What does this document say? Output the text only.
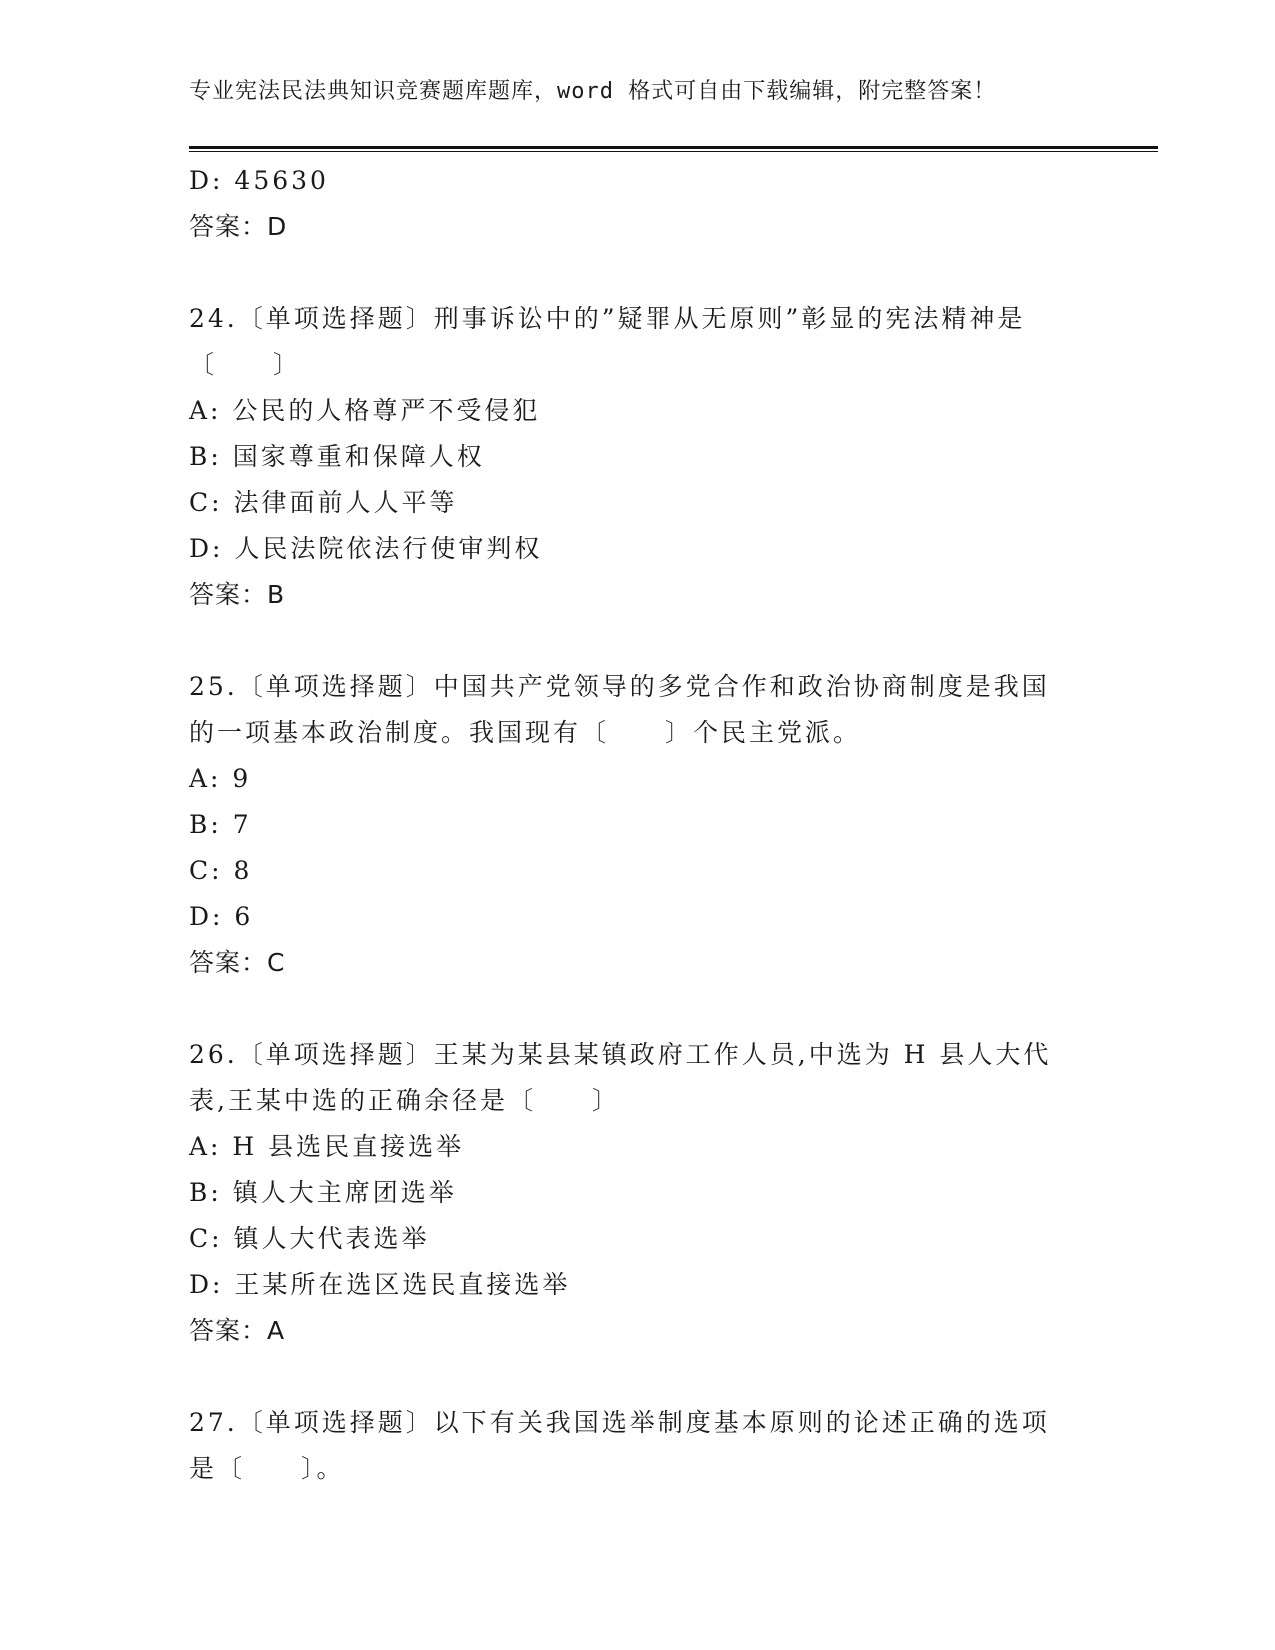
专业宪法民法典知识竞赛题库题库，word 格式可自由下载编辑，附完整答案！
D: 45630
答案：D
24.〔单项选择题〕刑事诉讼中的”疑罪从无原则”彰显的宪法精神是
〔　　〕
A: 公民的人格尊严不受侵犯
B: 国家尊重和保障人权
C: 法律面前人人平等
D: 人民法院依法行使审判权
答案：B
25.〔单项选择题〕中国共产党领导的多党合作和政治协商制度是我国
的一项基本政治制度。我国现有〔　　〕个民主党派。
A: 9
B: 7
C: 8
D: 6
答案：C
26.〔单项选择题〕王某为某县某镇政府工作人员,中选为 H 县人大代
表,王某中选的正确余径是〔　　〕
A: H 县选民直接选举
B: 镇人大主席团选举
C: 镇人大代表选举
D: 王某所在选区选民直接选举
答案：A
27.〔单项选择题〕以下有关我国选举制度基本原则的论述正确的选项
是〔　　〕。
